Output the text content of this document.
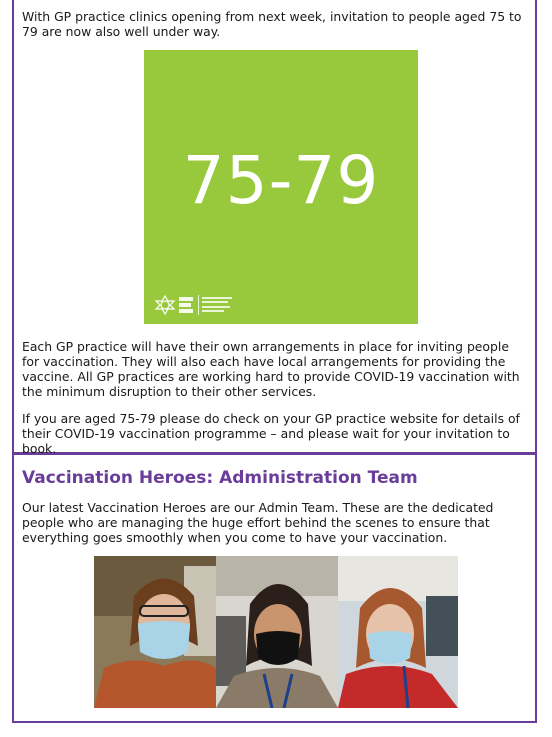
With GP practice clinics opening from next week, invitation to people aged 75 to 79 are now also well under way.

75-79

Each GP practice will have their own arrangements in place for inviting people for vaccination. They will also each have local arrangements for providing the vaccine. All GP practices are working hard to provide COVID-19 vaccination with the minimum disruption to their other services.

If you are aged 75-79 please do check on your GP practice website for details of their COVID-19 vaccination programme – and please wait for your invitation to book.

Vaccination Heroes: Administration Team

Our latest Vaccination Heroes are our Admin Team. These are the dedicated people who are managing the huge effort behind the scenes to ensure that everything goes smoothly when you come to have your vaccination.
